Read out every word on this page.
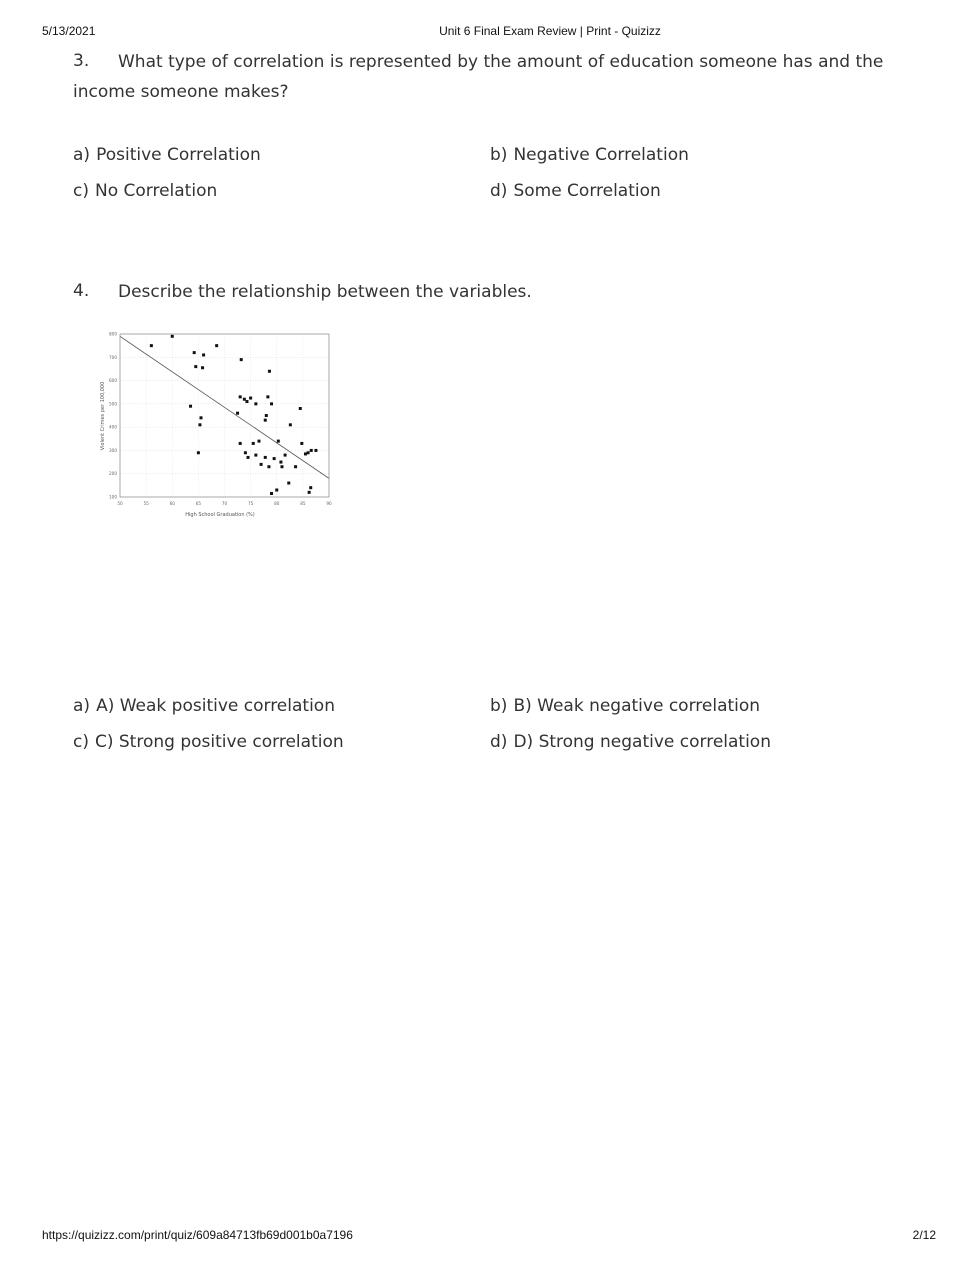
5/13/2021	Unit 6 Final Exam Review | Print - Quizizz
3.	What type of correlation is represented by the amount of education someone has and the income someone makes?
a) Positive Correlation	b) Negative Correlation
c) No Correlation	d) Some Correlation
4. Describe the relationship between the variables.
100
200
300
400
500
600
700
800
50	55	60	65	70	75	80	85	90
High School Graduation (%)
Violent Crimes per 100,000
a) A) Weak positive correlation	b) B) Weak negative correlation
c) C) Strong positive correlation	d) D) Strong negative correlation
https://quizizz.com/print/quiz/609a84713fb69d001b0a7196	2/12
